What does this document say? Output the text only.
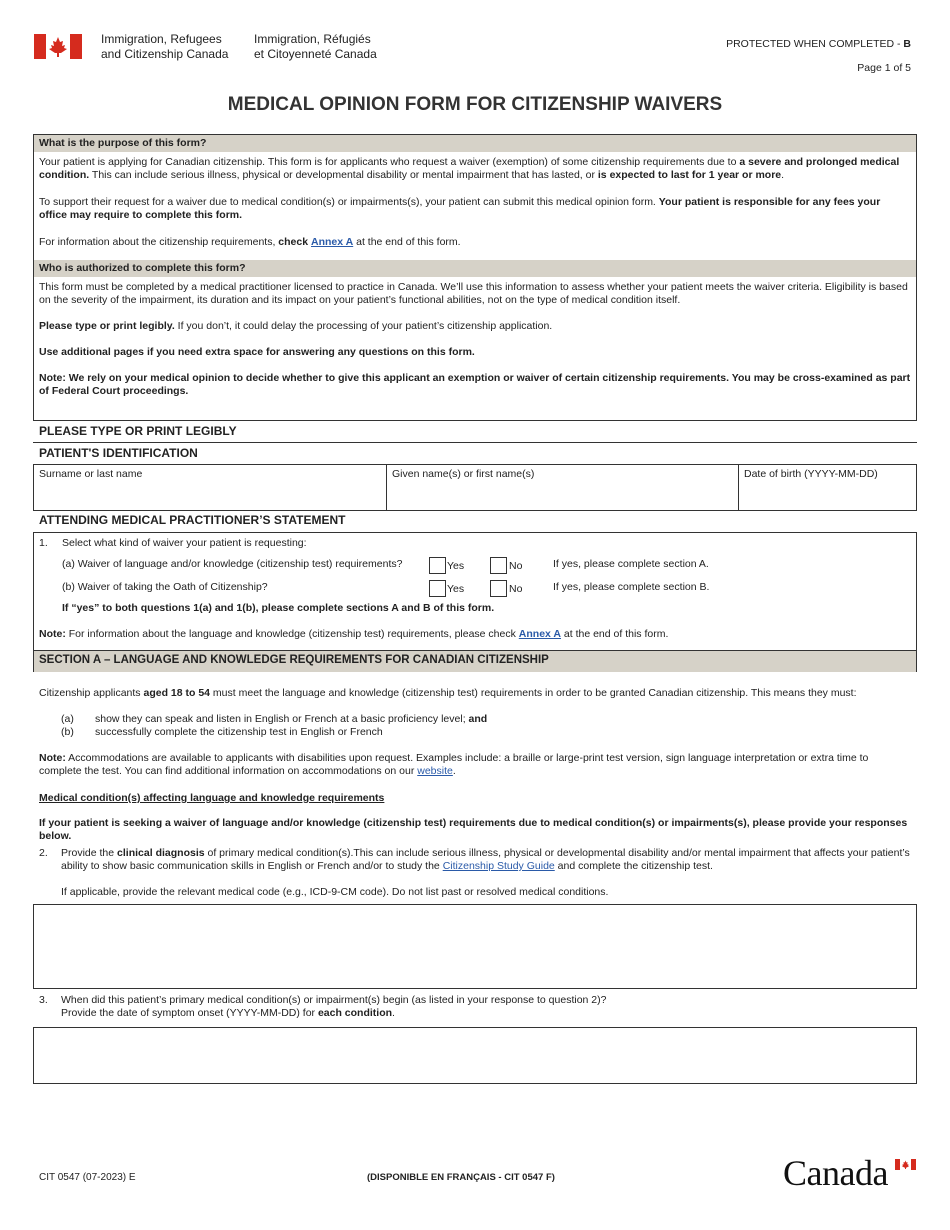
Immigration, Refugees
and Citizenship Canada
Immigration, Réfugiés
et Citoyenneté Canada
PROTECTED WHEN COMPLETED - B
Page 1 of 5
MEDICAL OPINION FORM FOR CITIZENSHIP WAIVERS
What is the purpose of this form?
Your patient is applying for Canadian citizenship. This form is for applicants who request a waiver (exemption) of some citizenship requirements due to a severe and prolonged medical condition. This can include serious illness, physical or developmental disability or mental impairment that has lasted, or is expected to last for 1 year or more.
To support their request for a waiver due to medical condition(s) or impairments(s), your patient can submit this medical opinion form. Your patient is responsible for any fees your office may require to complete this form.
For information about the citizenship requirements, check Annex A at the end of this form.
Who is authorized to complete this form?
This form must be completed by a medical practitioner licensed to practice in Canada. We’ll use this information to assess whether your patient meets the waiver criteria. Eligibility is based on the severity of the impairment, its duration and its impact on your patient’s functional abilities, not on the type of medical condition itself.
Please type or print legibly. If you don’t, it could delay the processing of your patient’s citizenship application.
Use additional pages if you need extra space for answering any questions on this form.
Note: We rely on your medical opinion to decide whether to give this applicant an exemption or waiver of certain citizenship requirements. You may be cross-examined as part of Federal Court proceedings.
PLEASE TYPE OR PRINT LEGIBLY
PATIENT'S IDENTIFICATION
Surname or last name	Given name(s) or first name(s)	Date of birth (YYYY-MM-DD)
ATTENDING MEDICAL PRACTITIONER’S STATEMENT
1. Select what kind of waiver your patient is requesting:
(a) Waiver of language and/or knowledge (citizenship test) requirements?	Yes	No	If yes, please complete section A.
(b) Waiver of taking the Oath of Citizenship?	Yes	No	If yes, please complete section B.
If “yes” to both questions 1(a) and 1(b), please complete sections A and B of this form.
Note: For information about the language and knowledge (citizenship test) requirements, please check Annex A at the end of this form.
SECTION A – LANGUAGE AND KNOWLEDGE REQUIREMENTS FOR CANADIAN CITIZENSHIP
Citizenship applicants aged 18 to 54 must meet the language and knowledge (citizenship test) requirements in order to be granted Canadian citizenship. This means they must:
(a) show they can speak and listen in English or French at a basic proficiency level; and
(b) successfully complete the citizenship test in English or French
Note: Accommodations are available to applicants with disabilities upon request. Examples include: a braille or large-print test version, sign language interpretation or extra time to complete the test. You can find additional information on accommodations on our website.
Medical condition(s) affecting language and knowledge requirements
If your patient is seeking a waiver of language and/or knowledge (citizenship test) requirements due to medical condition(s) or impairments(s), please provide your responses below.
2. Provide the clinical diagnosis of primary medical condition(s).This can include serious illness, physical or developmental disability and/or mental impairment that affects your patient’s ability to show basic communication skills in English or French and/or to study the Citizenship Study Guide and complete the citizenship test.
If applicable, provide the relevant medical code (e.g., ICD-9-CM code). Do not list past or resolved medical conditions.
3. When did this patient’s primary medical condition(s) or impairment(s) begin (as listed in your response to question 2)?
Provide the date of symptom onset (YYYY-MM-DD) for each condition.
CIT 0547 (07-2023) E	(DISPONIBLE EN FRANÇAIS - CIT 0547 F)	Canada
